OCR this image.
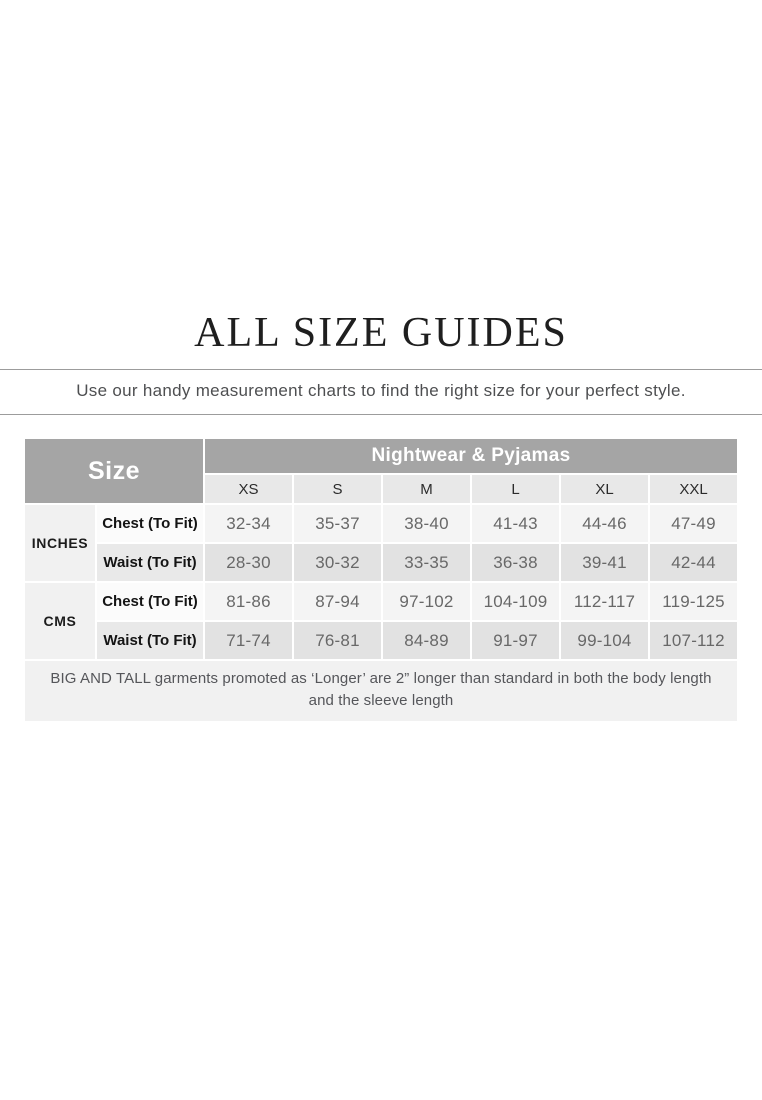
ALL SIZE GUIDES

Use our handy measurement charts to find the right size for your perfect style.

Size
Nightwear & Pyjamas
XS	S	M	L	XL	XXL
INCHES
Chest (To Fit)	32-34	35-37	38-40	41-43	44-46	47-49
Waist (To Fit)	28-30	30-32	33-35	36-38	39-41	42-44
CMS
Chest (To Fit)	81-86	87-94	97-102	104-109	112-117	119-125
Waist (To Fit)	71-74	76-81	84-89	91-97	99-104	107-112
BIG AND TALL garments promoted as ‘Longer’ are 2” longer than standard in both the body length and the sleeve length
